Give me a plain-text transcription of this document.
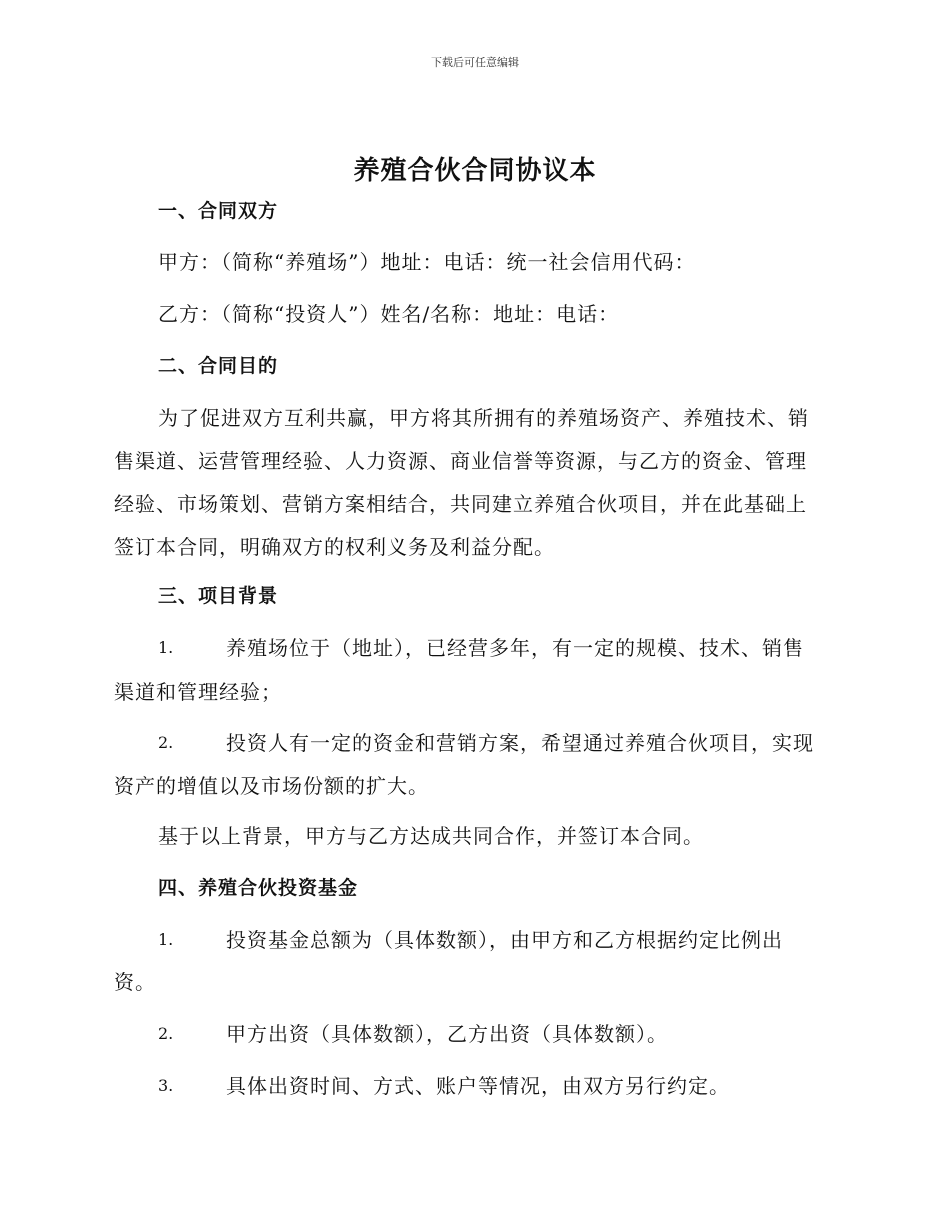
下载后可任意编辑
养殖合伙合同协议本
一、合同双方
甲方：（简称“养殖场”）地址：电话：统一社会信用代码：
乙方：（简称“投资人”）姓名/名称：地址：电话：
二、合同目的
为了促进双方互利共赢，甲方将其所拥有的养殖场资产、养殖技术、销
售渠道、运营管理经验、人力资源、商业信誉等资源，与乙方的资金、管理
经验、市场策划、营销方案相结合，共同建立养殖合伙项目，并在此基础上
签订本合同，明确双方的权利义务及利益分配。
三、项目背景
1.	养殖场位于（地址），已经营多年，有一定的规模、技术、销售
渠道和管理经验；
2.	投资人有一定的资金和营销方案，希望通过养殖合伙项目，实现
资产的增值以及市场份额的扩大。
基于以上背景，甲方与乙方达成共同合作，并签订本合同。
四、养殖合伙投资基金
1.	投资基金总额为（具体数额），由甲方和乙方根据约定比例出
资。
2.	甲方出资（具体数额），乙方出资（具体数额）。
3.	具体出资时间、方式、账户等情况，由双方另行约定。
